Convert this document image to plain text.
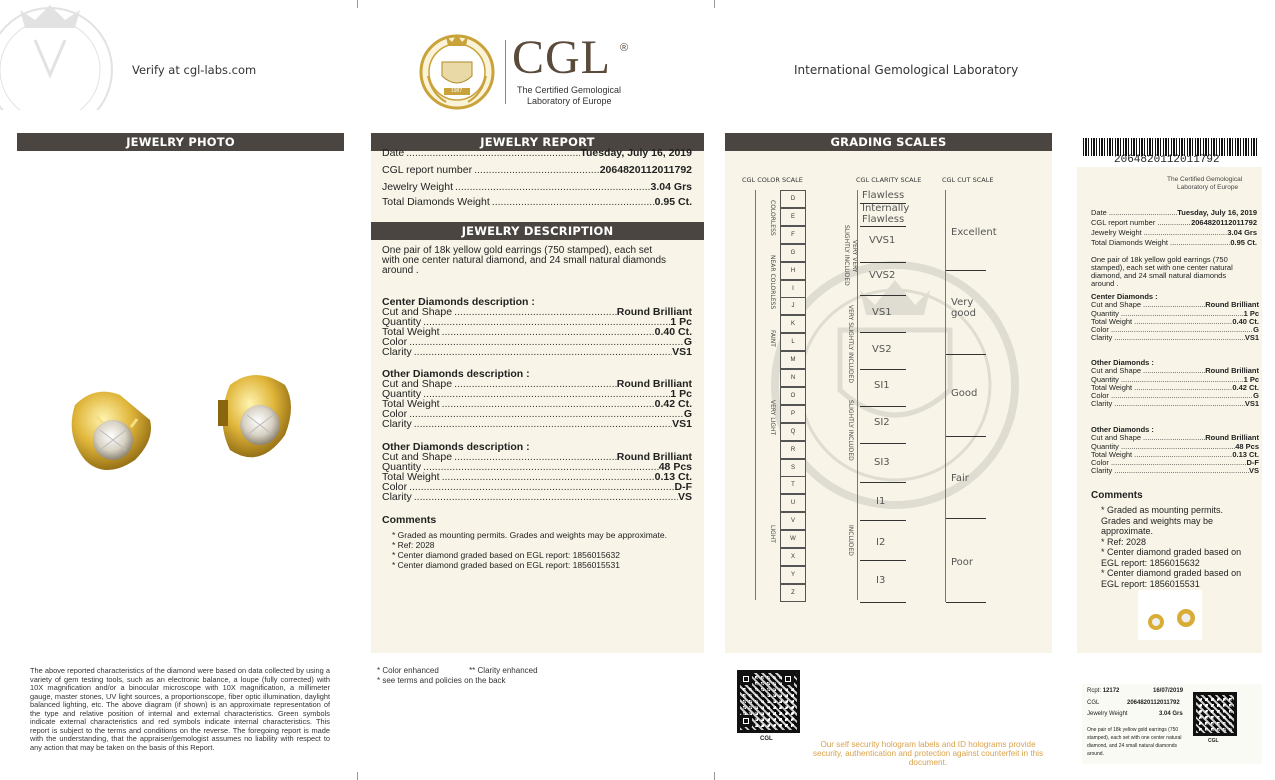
Verify at cgl-labs.com
1987
CGL ®
The Certified Gemological
Laboratory of Europe
International Gemological Laboratory
JEWELRY PHOTO	JEWELRY REPORT
Date .....	Tuesday, July 16, 2019
CGL report number .....	2064820112011792
Jewelry Weight .....	3.04 Grs
Total Diamonds Weight .....	0.95 Ct.
JEWELRY DESCRIPTION
One pair of 18k yellow gold earrings (750 stamped), each set with one center natural diamond, and 24 small natural diamonds around .
Center Diamonds description :
Cut and Shape .....	Round Brilliant
Quantity .....	1 Pc
Total Weight .....	0.40 Ct.
Color .....	G
Clarity .....	VS1
Other Diamonds description :
Cut and Shape .....	Round Brilliant
Quantity .....	1 Pc
Total Weight .....	0.42 Ct.
Color .....	G
Clarity .....	VS1
Other Diamonds description :
Cut and Shape .....	Round Brilliant
Quantity .....	48 Pcs
Total Weight .....	0.13 Ct.
Color .....	D-F
Clarity .....	VS
Comments
* Graded as mounting permits. Grades and weights may be approximate.
* Ref: 2028
* Center diamond graded based on EGL report: 1856015632
* Center diamond graded based on EGL report: 1856015531
GRADING SCALES
CGL COLOR SCALE	CGL CLARITY SCALE	CGL CUT SCALE
D
E
F
G
H
I
J
K
L
M
N
O
P
Q
R
S
T
U
V
W
X
Y
Z
COLORLESS
NEAR COLORLESS
FAINT
VERY LIGHT
LIGHT
SLIGHTLY INCLUDED VERY VERY
VERY SLIGHTLY INCLUDED
SLIGHTLY INCLUDED
INCLUDED
Flawless
Internally Flawless
VVS1
VVS2
VS1
VS2
SI1
SI2
SI3
I1
I2
I3
Excellent
Very good
Good
Fair
Poor
2064820112011792
The Certified Gemological
Laboratory of Europe
Date .....	Tuesday, July 16, 2019
CGL report number .....	2064820112011792
Jewelry Weight .....	3.04 Grs
Total Diamonds Weight .....	0.95 Ct.
One pair of 18k yellow gold earrings (750 stamped), each set with one center natural diamond, and 24 small natural diamonds around .
Center Diamonds :
Cut and Shape .....	Round Brilliant
Quantity .....	1 Pc
Total Weight .....	0.40 Ct.
Color .....	G
Clarity .....	VS1
Other Diamonds :
Cut and Shape .....	Round Brilliant
Quantity .....	1 Pc
Total Weight .....	0.42 Ct.
Color .....	G
Clarity .....	VS1
Other Diamonds :
Cut and Shape .....	Round Brilliant
Quantity .....	48 Pcs
Total Weight .....	0.13 Ct.
Color .....	D-F
Clarity .....	VS
Comments
* Graded as mounting permits. Grades and weights may be approximate.
* Ref: 2028
* Center diamond graded based on EGL report: 1856015632
* Center diamond graded based on EGL report: 1856015531
The above reported characteristics of the diamond were based on data collected by using a variety of gem testing tools, such as an electronic balance, a loupe (fully corrected) with 10X magnification and/or a binocular microscope with 10X magnification, a millimeter gauge, master stones, UV light sources, a proportionscope, fiber optic illumination, daylight balanced lighting, etc. The above diagram (if shown) is an approximate representation of the type and relative position of internal and external characteristics. Green symbols indicate external characteristics and red symbols indicate internal characteristics. This report is subject to the terms and conditions on the reverse. The foregoing report is made with the understanding, that the appraiser/gemologist assumes no liability with respect to any action that may be taken on the basis of this Report.
* Color enhanced	** Clarity enhanced
* see terms and policies on the back
CGL
Our self security hologram labels and ID holograms provide security, authentication and protection against counterfeit in this document.
Rcpt: 12172	16/07/2019
CGL	2064820112011792
Jewelry Weight	3.04 Grs
One pair of 18k yellow gold earrings (750 stamped), each set with one center natural diamond, and 24 small natural diamonds around.
CGL
